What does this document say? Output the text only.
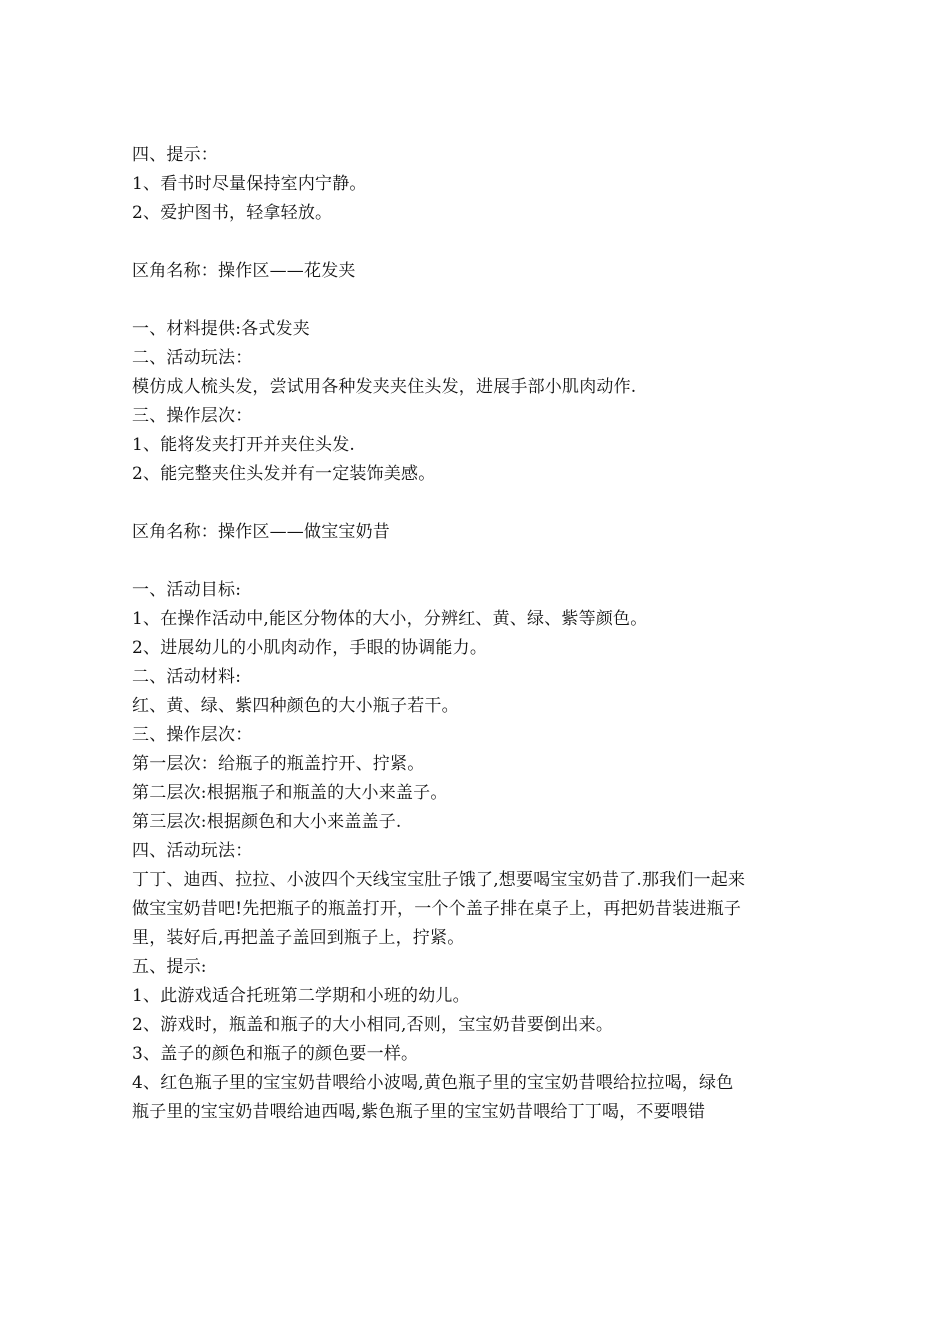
四、提示：
1、看书时尽量保持室内宁静。
2、爱护图书，轻拿轻放。
区角名称：操作区——花发夹
一、材料提供:各式发夹
二、活动玩法：
模仿成人梳头发，尝试用各种发夹夹住头发，进展手部小肌肉动作.
三、操作层次：
1、能将发夹打开并夹住头发.
2、能完整夹住头发并有一定装饰美感。
区角名称：操作区——做宝宝奶昔
一、活动目标:
1、在操作活动中,能区分物体的大小，分辨红、黄、绿、紫等颜色。
2、进展幼儿的小肌肉动作，手眼的协调能力。
二、活动材料:
红、黄、绿、紫四种颜色的大小瓶子若干。
三、操作层次：
第一层次：给瓶子的瓶盖拧开、拧紧。
第二层次:根据瓶子和瓶盖的大小来盖子。
第三层次:根据颜色和大小来盖盖子.
四、活动玩法：
丁丁、迪西、拉拉、小波四个天线宝宝肚子饿了,想要喝宝宝奶昔了.那我们一起来
做宝宝奶昔吧!先把瓶子的瓶盖打开，一个个盖子排在桌子上，再把奶昔装进瓶子
里，装好后,再把盖子盖回到瓶子上，拧紧。
五、提示:
1、此游戏适合托班第二学期和小班的幼儿。
2、游戏时，瓶盖和瓶子的大小相同,否则，宝宝奶昔要倒出来。
3、盖子的颜色和瓶子的颜色要一样。
4、红色瓶子里的宝宝奶昔喂给小波喝,黄色瓶子里的宝宝奶昔喂给拉拉喝，绿色
瓶子里的宝宝奶昔喂给迪西喝,紫色瓶子里的宝宝奶昔喂给丁丁喝，不要喂错
